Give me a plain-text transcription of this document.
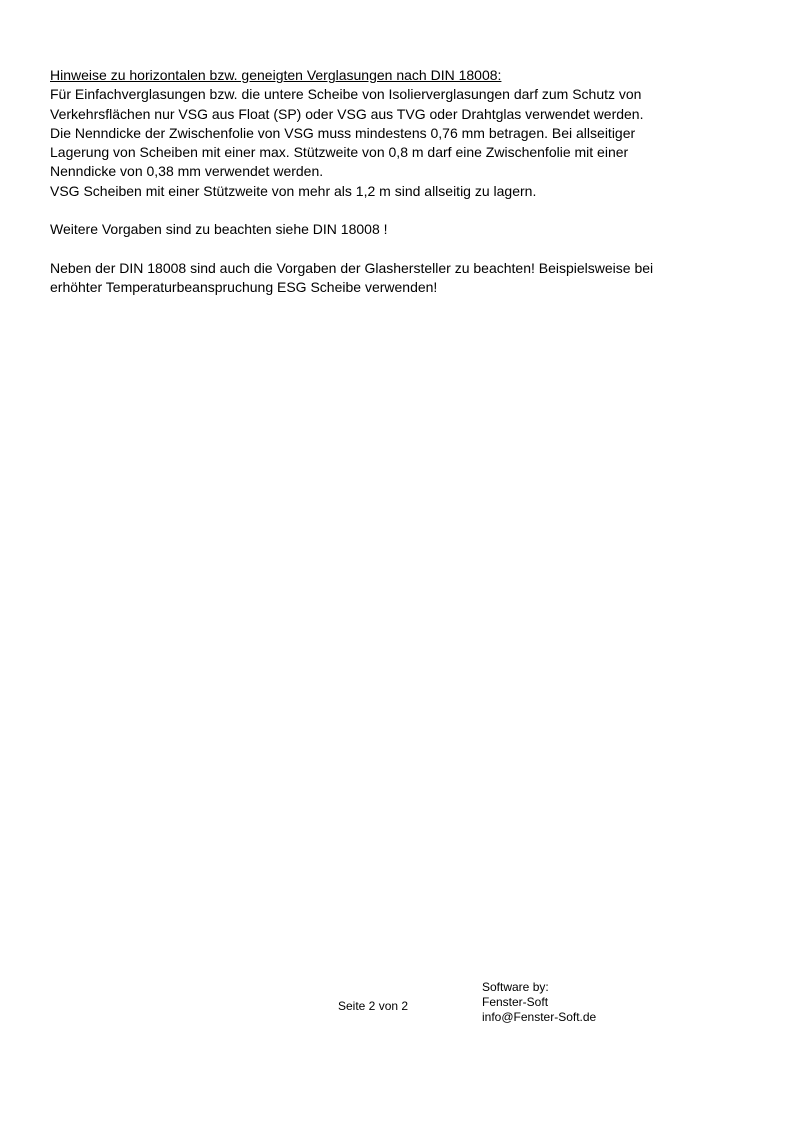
Hinweise zu horizontalen bzw. geneigten Verglasungen nach DIN 18008:
Für Einfachverglasungen bzw. die untere Scheibe von Isolierverglasungen darf zum Schutz von
Verkehrsflächen nur VSG aus Float (SP) oder VSG aus TVG oder Drahtglas verwendet werden.
Die Nenndicke der Zwischenfolie von VSG muss mindestens 0,76 mm betragen. Bei allseitiger
Lagerung von Scheiben mit einer max. Stützweite von 0,8 m darf eine Zwischenfolie mit einer
Nenndicke von 0,38 mm verwendet werden.
VSG Scheiben mit einer Stützweite von mehr als 1,2 m sind allseitig zu lagern.
Weitere Vorgaben sind zu beachten siehe DIN 18008 !
Neben der DIN 18008 sind auch die Vorgaben der Glashersteller zu beachten! Beispielsweise bei
erhöhter Temperaturbeanspruchung ESG Scheibe verwenden!
Seite 2 von 2
Software by:
Fenster-Soft
info@Fenster-Soft.de
